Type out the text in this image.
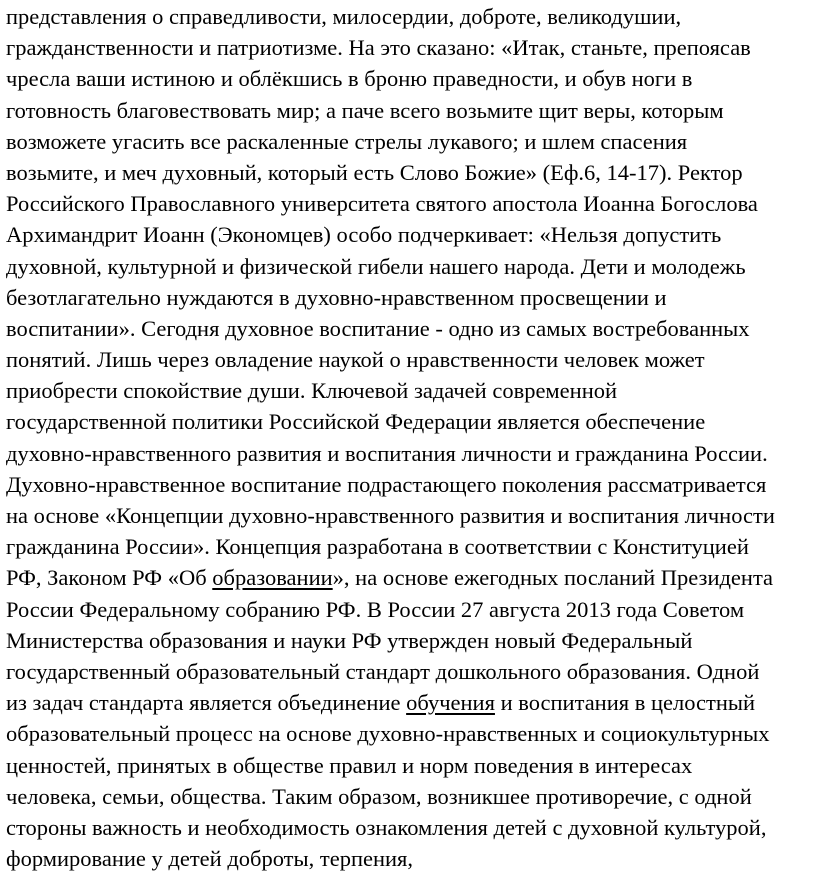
представления о справедливости, милосердии, доброте, великодушии,

гражданственности и патриотизме. На это сказано: «Итак, станьте, препоясав

чресла ваши истиною и облёкшись в броню праведности, и обув ноги в

готовность благовествовать мир; а паче всего возьмите щит веры, которым

возможете угасить все раскаленные стрелы лукавого; и шлем спасения

возьмите, и меч духовный, который есть Слово Божие» (Еф.6, 14-17). Ректор

Российского Православного университета святого апостола Иоанна Богослова

Архимандрит Иоанн (Экономцев) особо подчеркивает: «Нельзя допустить

духовной, культурной и физической гибели нашего народа. Дети и молодежь

безотлагательно нуждаются в духовно-нравственном просвещении и

воспитании». Сегодня духовное воспитание - одно из самых востребованных

понятий. Лишь через овладение наукой о нравственности человек может

приобрести спокойствие души. Ключевой задачей современной

государственной политики Российской Федерации является обеспечение

духовно-нравственного развития и воспитания личности и гражданина России.

Духовно-нравственное воспитание подрастающего поколения рассматривается

на основе «Концепции духовно-нравственного развития и воспитания личности

гражданина России». Концепция разработана в соответствии с Конституцией

РФ, Законом РФ «Об образовании», на основе ежегодных посланий Президента

России Федеральному собранию РФ. В России 27 августа 2013 года Советом

Министерства образования и науки РФ утвержден новый Федеральный

государственный образовательный стандарт дошкольного образования. Одной

из задач стандарта является объединение обучения и воспитания в целостный

образовательный процесс на основе духовно-нравственных и социокультурных

ценностей, принятых в обществе правил и норм поведения в интересах

человека, семьи, общества. Таким образом, возникшее противоречие, с одной

стороны важность и необходимость ознакомления детей с духовной культурой,

формирование у детей доброты, терпения,
